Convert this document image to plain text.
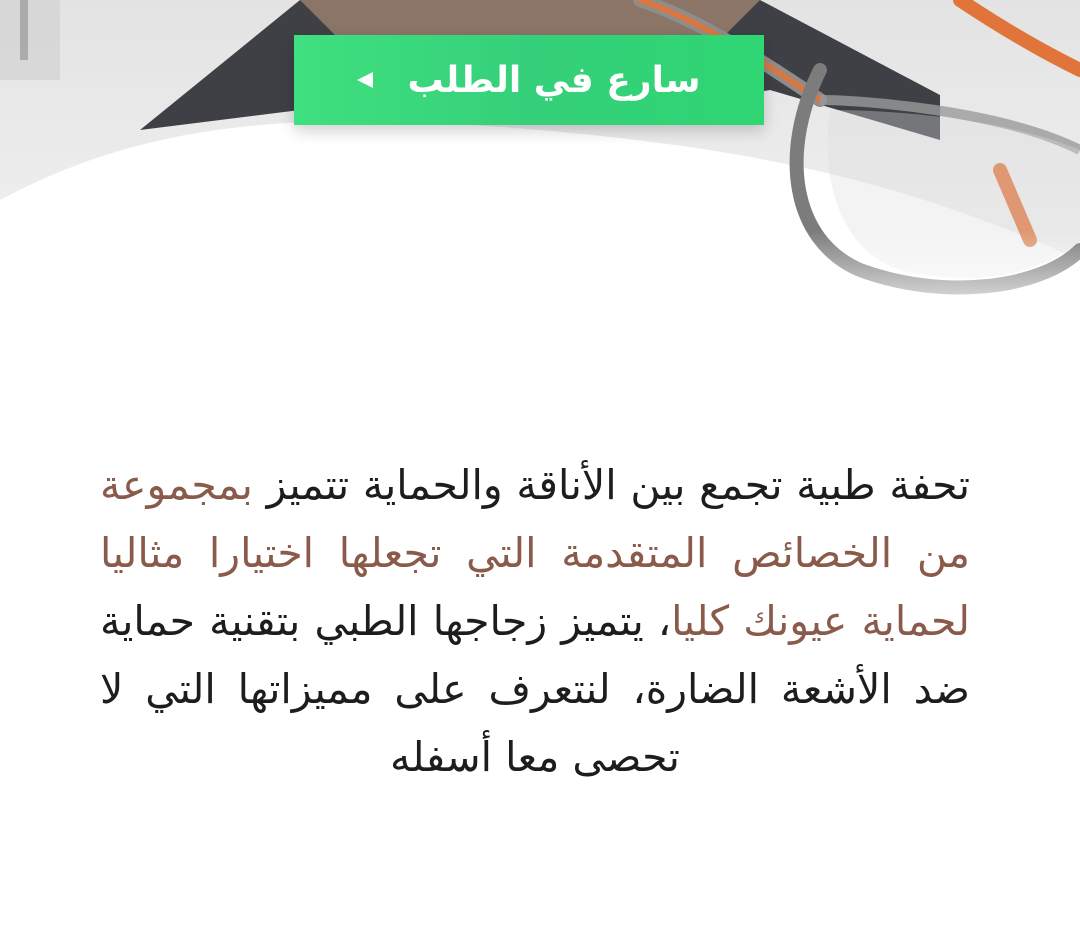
سارع في الطلب

تحفة طبية تجمع بين الأناقة والحماية تتميز بمجموعة من الخصائص المتقدمة التي تجعلها اختيارا مثاليا لحماية عيونك كليا، يتميز زجاجها الطبي بتقنية حماية ضد الأشعة الضارة، لنتعرف على مميزاتها التي لا تحصى معا أسفله
